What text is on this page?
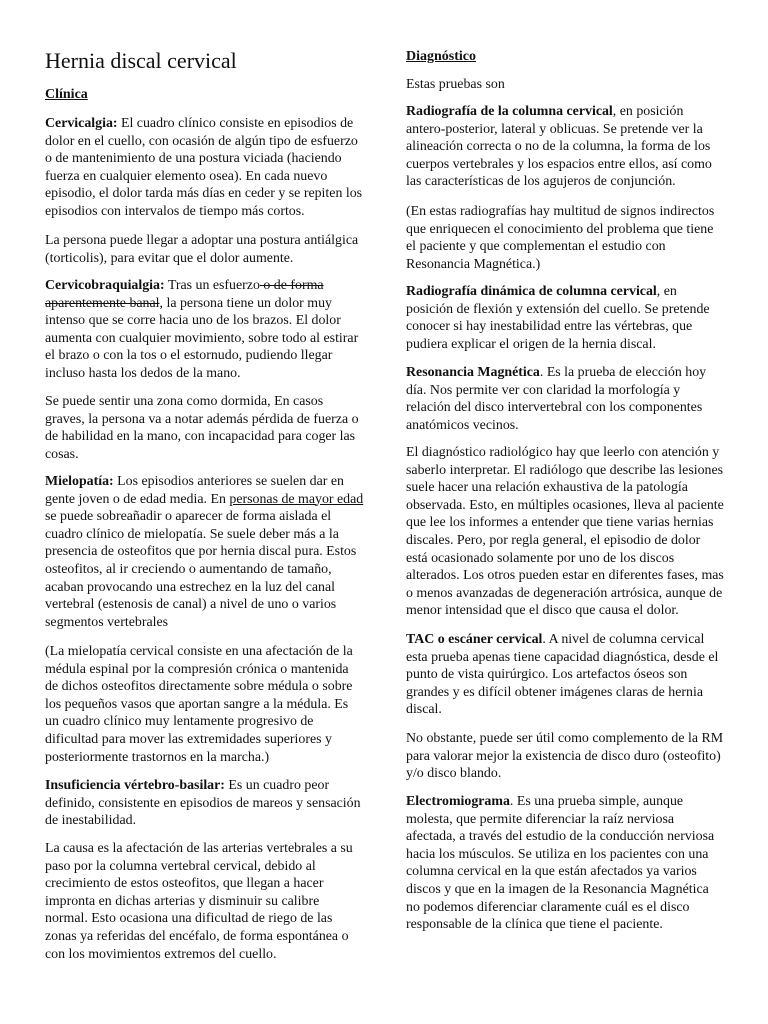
Hernia discal cervical
Clínica

Cervicalgia: El cuadro clínico consiste en episodios de dolor en el cuello, con ocasión de algún tipo de esfuerzo o de mantenimiento de una postura viciada (haciendo fuerza en cualquier elemento osea). En cada nuevo episodio, el dolor tarda más días en ceder y se repiten los episodios con intervalos de tiempo más cortos.

La persona puede llegar a adoptar una postura antiálgica (torticolis), para evitar que el dolor aumente.

Cervicobraquialgia: Tras un esfuerzo o de forma aparentemente banal, la persona tiene un dolor muy intenso que se corre hacia uno de los brazos. El dolor aumenta con cualquier movimiento, sobre todo al estirar el brazo o con la tos o el estornudo, pudiendo llegar incluso hasta los dedos de la mano.

Se puede sentir una zona como dormida, En casos graves, la persona va a notar además pérdida de fuerza o de habilidad en la mano, con incapacidad para coger las cosas.

Mielopatía: Los episodios anteriores se suelen dar en gente joven o de edad media. En personas de mayor edad se puede sobreañadir o aparecer de forma aislada el cuadro clínico de mielopatía. Se suele deber más a la presencia de osteofitos que por hernia discal pura. Estos osteofitos, al ir creciendo o aumentando de tamaño, acaban provocando una estrechez en la luz del canal vertebral (estenosis de canal) a nivel de uno o varios segmentos vertebrales

(La mielopatía cervical consiste en una afectación de la médula espinal por la compresión crónica o mantenida de dichos osteofitos directamente sobre médula o sobre los pequeños vasos que aportan sangre a la médula. Es un cuadro clínico muy lentamente progresivo de dificultad para mover las extremidades superiores y posteriormente trastornos en la marcha.)

Insuficiencia vértebro-basilar: Es un cuadro peor definido, consistente en episodios de mareos y sensación de inestabilidad.

La causa es la afectación de las arterias vertebrales a su paso por la columna vertebral cervical, debido al crecimiento de estos osteofitos, que llegan a hacer impronta en dichas arterias y disminuir su calibre normal. Esto ocasiona una dificultad de riego de las zonas ya referidas del encéfalo, de forma espontánea o con los movimientos extremos del cuello.

Diagnóstico

Estas pruebas son

Radiografía de la columna cervical, en posición antero-posterior, lateral y oblicuas. Se pretende ver la alineación correcta o no de la columna, la forma de los cuerpos vertebrales y los espacios entre ellos, así como las características de los agujeros de conjunción.

(En estas radiografías hay multitud de signos indirectos que enriquecen el conocimiento del problema que tiene el paciente y que complementan el estudio con Resonancia Magnética.)

Radiografía dinámica de columna cervical, en posición de flexión y extensión del cuello. Se pretende conocer si hay inestabilidad entre las vértebras, que pudiera explicar el origen de la hernia discal.

Resonancia Magnética. Es la prueba de elección hoy día. Nos permite ver con claridad la morfología y relación del disco intervertebral con los componentes anatómicos vecinos.

El diagnóstico radiológico hay que leerlo con atención y saberlo interpretar. El radiólogo que describe las lesiones suele hacer una relación exhaustiva de la patología observada. Esto, en múltiples ocasiones, lleva al paciente que lee los informes a entender que tiene varias hernias discales. Pero, por regla general, el episodio de dolor está ocasionado solamente por uno de los discos alterados. Los otros pueden estar en diferentes fases, mas o menos avanzadas de degeneración artrósica, aunque de menor intensidad que el disco que causa el dolor.

TAC o escáner cervical. A nivel de columna cervical esta prueba apenas tiene capacidad diagnóstica, desde el punto de vista quirúrgico. Los artefactos óseos son grandes y es difícil obtener imágenes claras de hernia discal.

No obstante, puede ser útil como complemento de la RM para valorar mejor la existencia de disco duro (osteofito) y/o disco blando.

Electromiograma. Es una prueba simple, aunque molesta, que permite diferenciar la raíz nerviosa afectada, a través del estudio de la conducción nerviosa hacia los músculos. Se utiliza en los pacientes con una columna cervical en la que están afectados ya varios discos y que en la imagen de la Resonancia Magnética no podemos diferenciar claramente cuál es el disco responsable de la clínica que tiene el paciente.
